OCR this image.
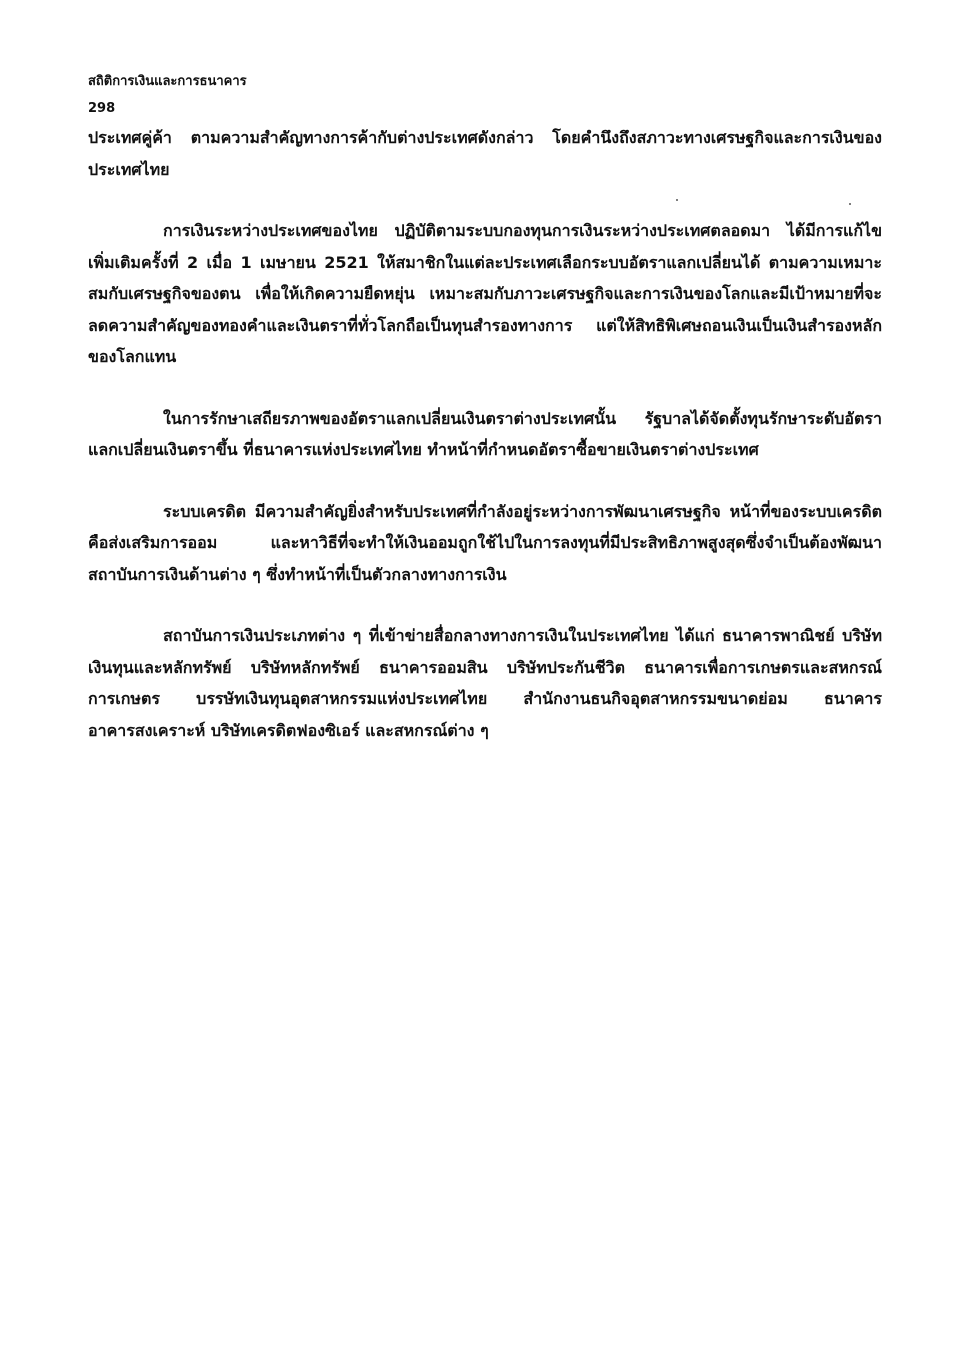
สถิติการเงินและการธนาคาร
298

ประเทศคู่ค้า ตามความสำคัญทางการค้ากับต่างประเทศดังกล่าว โดยคำนึงถึงสภาวะทางเศรษฐกิจและการเงินของประเทศไทย

การเงินระหว่างประเทศของไทย ปฏิบัติตามระบบกองทุนการเงินระหว่างประเทศตลอดมา ได้มีการแก้ไขเพิ่มเติมครั้งที่ 2 เมื่อ 1 เมษายน 2521 ให้สมาชิกในแต่ละประเทศเลือกระบบอัตราแลกเปลี่ยนได้ ตามความเหมาะสมกับเศรษฐกิจของตน เพื่อให้เกิดความยืดหยุ่น เหมาะสมกับภาวะเศรษฐกิจและการเงินของโลกและมีเป้าหมายที่จะลดความสำคัญของทองคำและเงินตราที่ทั่วโลกถือเป็นทุนสำรองทางการ แต่ให้สิทธิพิเศษถอนเงินเป็นเงินสำรองหลักของโลกแทน

ในการรักษาเสถียรภาพของอัตราแลกเปลี่ยนเงินตราต่างประเทศนั้น รัฐบาลได้จัดตั้งทุนรักษาระดับอัตราแลกเปลี่ยนเงินตราขึ้น ที่ธนาคารแห่งประเทศไทย ทำหน้าที่กำหนดอัตราซื้อขายเงินตราต่างประเทศ

ระบบเครดิต มีความสำคัญยิ่งสำหรับประเทศที่กำลังอยู่ระหว่างการพัฒนาเศรษฐกิจ หน้าที่ของระบบเครดิต คือส่งเสริมการออม และหาวิธีที่จะทำให้เงินออมถูกใช้ไปในการลงทุนที่มีประสิทธิภาพสูงสุดซึ่งจำเป็นต้องพัฒนาสถาบันการเงินด้านต่าง ๆ ซึ่งทำหน้าที่เป็นตัวกลางทางการเงิน

สถาบันการเงินประเภทต่าง ๆ ที่เข้าข่ายสื่อกลางทางการเงินในประเทศไทย ได้แก่ ธนาคารพาณิชย์ บริษัทเงินทุนและหลักทรัพย์ บริษัทหลักทรัพย์ ธนาคารออมสิน บริษัทประกันชีวิต ธนาคารเพื่อการเกษตรและสหกรณ์การเกษตร บรรษัทเงินทุนอุตสาหกรรมแห่งประเทศไทย สำนักงานธนกิจอุตสาหกรรมขนาดย่อม ธนาคารอาคารสงเคราะห์ บริษัทเครดิตฟองซิเอร์ และสหกรณ์ต่าง ๆ
